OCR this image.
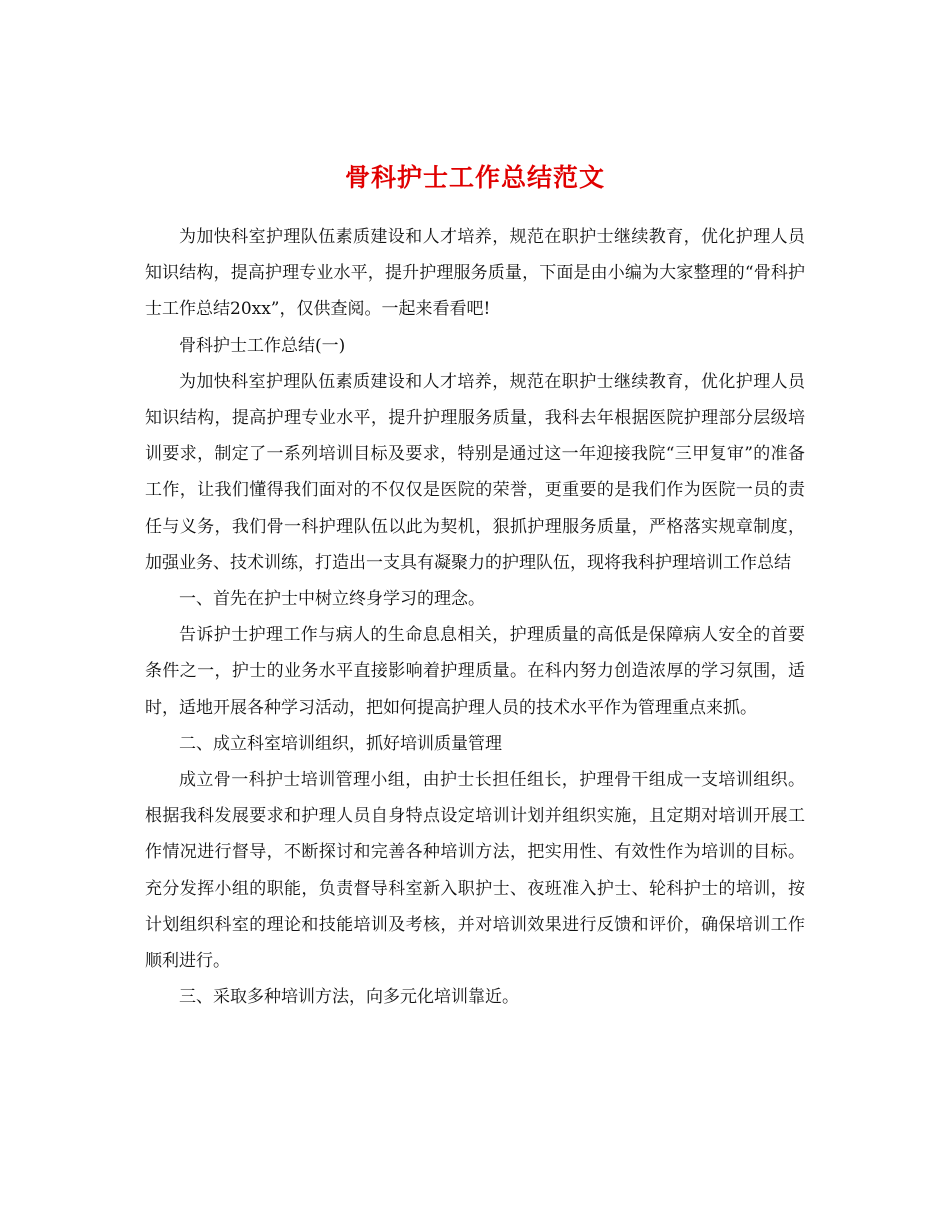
骨科护士工作总结范文

为加快科室护理队伍素质建设和人才培养，规范在职护士继续教育，优化护理人员知识结构，提高护理专业水平，提升护理服务质量，下面是由小编为大家整理的“骨科护士工作总结20xx”，仅供查阅。一起来看看吧!

骨科护士工作总结(一)

为加快科室护理队伍素质建设和人才培养，规范在职护士继续教育，优化护理人员知识结构，提高护理专业水平，提升护理服务质量，我科去年根据医院护理部分层级培训要求，制定了一系列培训目标及要求，特别是通过这一年迎接我院“三甲复审”的准备工作，让我们懂得我们面对的不仅仅是医院的荣誉，更重要的是我们作为医院一员的责任与义务，我们骨一科护理队伍以此为契机，狠抓护理服务质量，严格落实规章制度，加强业务、技术训练，打造出一支具有凝聚力的护理队伍，现将我科护理培训工作总结

一、首先在护士中树立终身学习的理念。

告诉护士护理工作与病人的生命息息相关，护理质量的高低是保障病人安全的首要条件之一，护士的业务水平直接影响着护理质量。在科内努力创造浓厚的学习氛围，适时，适地开展各种学习活动，把如何提高护理人员的技术水平作为管理重点来抓。

二、成立科室培训组织，抓好培训质量管理

成立骨一科护士培训管理小组，由护士长担任组长，护理骨干组成一支培训组织。根据我科发展要求和护理人员自身特点设定培训计划并组织实施，且定期对培训开展工作情况进行督导，不断探讨和完善各种培训方法，把实用性、有效性作为培训的目标。充分发挥小组的职能，负责督导科室新入职护士、夜班准入护士、轮科护士的培训，按计划组织科室的理论和技能培训及考核，并对培训效果进行反馈和评价，确保培训工作顺利进行。

三、采取多种培训方法，向多元化培训靠近。
